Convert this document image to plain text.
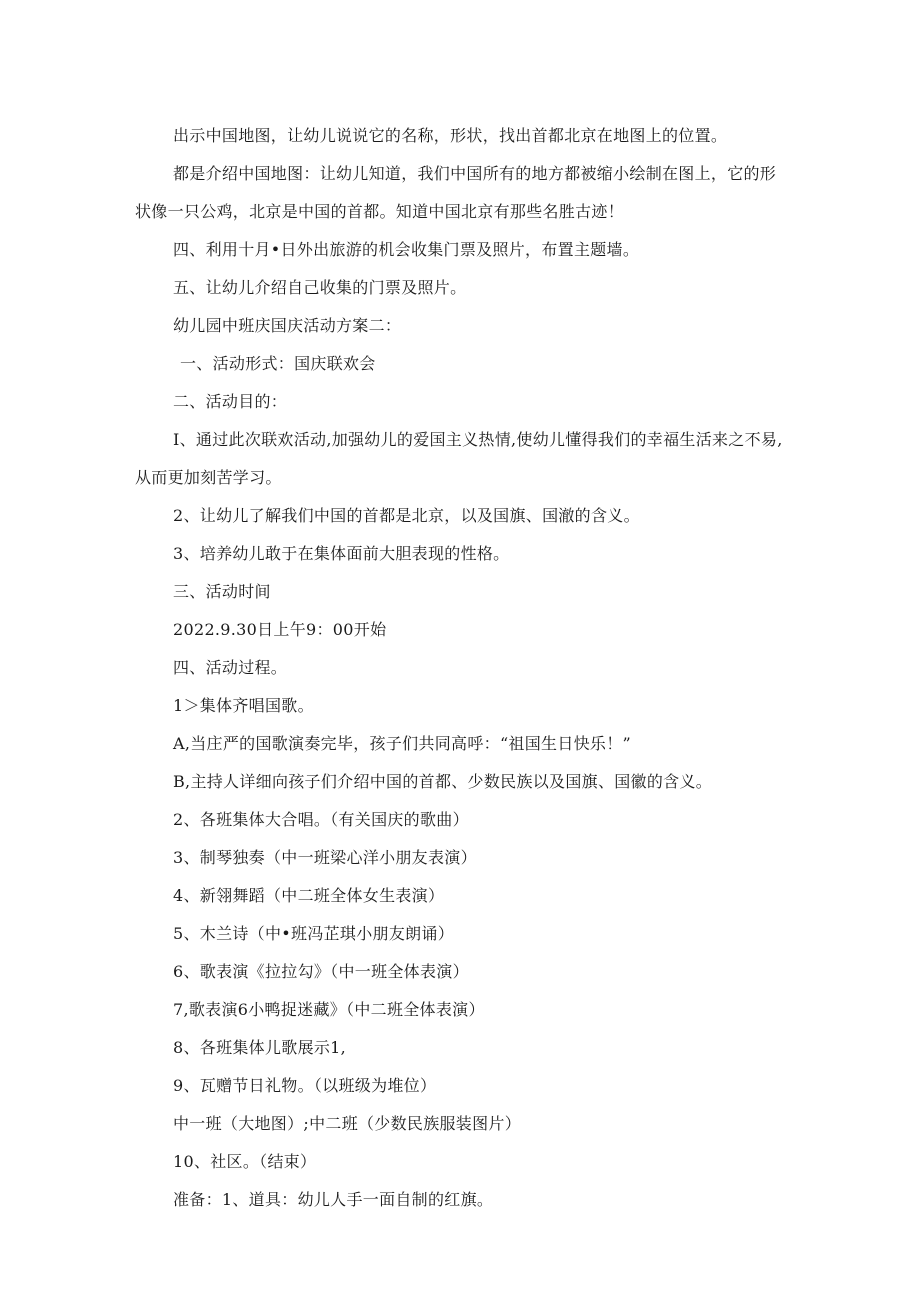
出示中国地图，让幼儿说说它的名称，形状，找出首都北京在地图上的位置。

都是介绍中国地图：让幼儿知道，我们中国所有的地方都被缩小绘制在图上，它的形状像一只公鸡，北京是中国的首都。知道中国北京有那些名胜古迹！

四、利用十月•日外出旅游的机会收集门票及照片，布置主题墙。

五、让幼儿介绍自己收集的门票及照片。

幼儿园中班庆国庆活动方案二：

一、活动形式：国庆联欢会

二、活动目的：

I、通过此次联欢活动,加强幼儿的爱国主义热情,使幼儿懂得我们的幸福生活来之不易,从而更加刻苦学习。

2、让幼儿了解我们中国的首都是北京，以及国旗、国澈的含义。

3、培养幼儿敢于在集体面前大胆表现的性格。

三、活动时间

2022.9.30日上午9：00开始

四、活动过程。

1＞集体齐唱国歌。

A,当庄严的国歌演奏完毕，孩子们共同高呼：“祖国生日快乐！”

B,主持人详细向孩子们介绍中国的首都、少数民族以及国旗、国徽的含义。

2、各班集体大合唱。（有关国庆的歌曲）

3、制琴独奏（中一班梁心洋小朋友表演）

4、新翎舞蹈（中二班全体女生表演）

5、木兰诗（中•班冯芷琪小朋友朗诵）

6、歌表演《拉拉勾》（中一班全体表演）

7,歌表演6小鸭捉迷藏》（中二班全体表演）

8、各班集体儿歌展示1,

9、瓦赠节日礼物。（以班级为堆位）

中一班（大地图）;中二班（少数民族服装图片）

10、社区。（结束）

准备：1、道具：幼儿人手一面自制的红旗。
